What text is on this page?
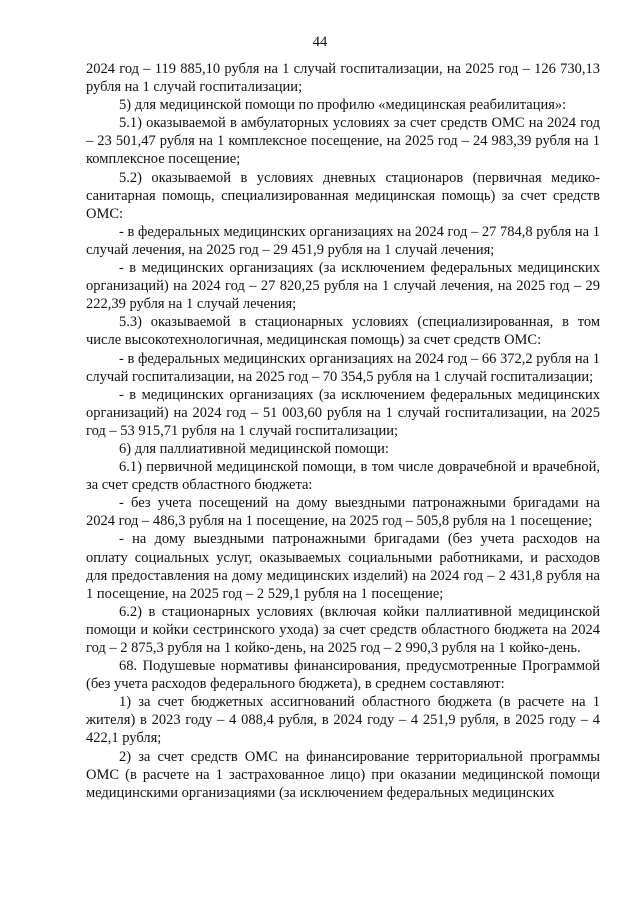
44

2024 год – 119 885,10 рубля на 1 случай госпитализации, на 2025 год – 126 730,13 рубля на 1 случай госпитализации;

5) для медицинской помощи по профилю «медицинская реабилитация»:

5.1) оказываемой в амбулаторных условиях за счет средств ОМС на 2024 год – 23 501,47 рубля на 1 комплексное посещение, на 2025 год – 24 983,39 рубля на 1 комплексное посещение;

5.2) оказываемой в условиях дневных стационаров (первичная медико-санитарная помощь, специализированная медицинская помощь) за счет средств ОМС:

- в федеральных медицинских организациях на 2024 год – 27 784,8 рубля на 1 случай лечения, на 2025 год – 29 451,9 рубля на 1 случай лечения;

- в медицинских организациях (за исключением федеральных медицинских организаций) на 2024 год – 27 820,25 рубля на 1 случай лечения, на 2025 год – 29 222,39 рубля на 1 случай лечения;

5.3) оказываемой в стационарных условиях (специализированная, в том числе высокотехнологичная, медицинская помощь) за счет средств ОМС:

- в федеральных медицинских организациях на 2024 год – 66 372,2 рубля на 1 случай госпитализации, на 2025 год – 70 354,5 рубля на 1 случай госпитализации;

- в медицинских организациях (за исключением федеральных медицинских организаций) на 2024 год – 51 003,60 рубля на 1 случай госпитализации, на 2025 год – 53 915,71 рубля на 1 случай госпитализации;

6) для паллиативной медицинской помощи:

6.1) первичной медицинской помощи, в том числе доврачебной и врачебной, за счет средств областного бюджета:

- без учета посещений на дому выездными патронажными бригадами на 2024 год – 486,3 рубля на 1 посещение, на 2025 год – 505,8 рубля на 1 посещение;

- на дому выездными патронажными бригадами (без учета расходов на оплату социальных услуг, оказываемых социальными работниками, и расходов для предоставления на дому медицинских изделий) на 2024 год – 2 431,8 рубля на 1 посещение, на 2025 год – 2 529,1 рубля на 1 посещение;

6.2) в стационарных условиях (включая койки паллиативной медицинской помощи и койки сестринского ухода) за счет средств областного бюджета на 2024 год – 2 875,3 рубля на 1 койко-день, на 2025 год – 2 990,3 рубля на 1 койко-день.

68. Подушевые нормативы финансирования, предусмотренные Программой (без учета расходов федерального бюджета), в среднем составляют:

1) за счет бюджетных ассигнований областного бюджета (в расчете на 1 жителя) в 2023 году – 4 088,4 рубля, в 2024 году – 4 251,9 рубля, в 2025 году – 4 422,1 рубля;

2) за счет средств ОМС на финансирование территориальной программы ОМС (в расчете на 1 застрахованное лицо) при оказании медицинской помощи медицинскими организациями (за исключением федеральных медицинских
